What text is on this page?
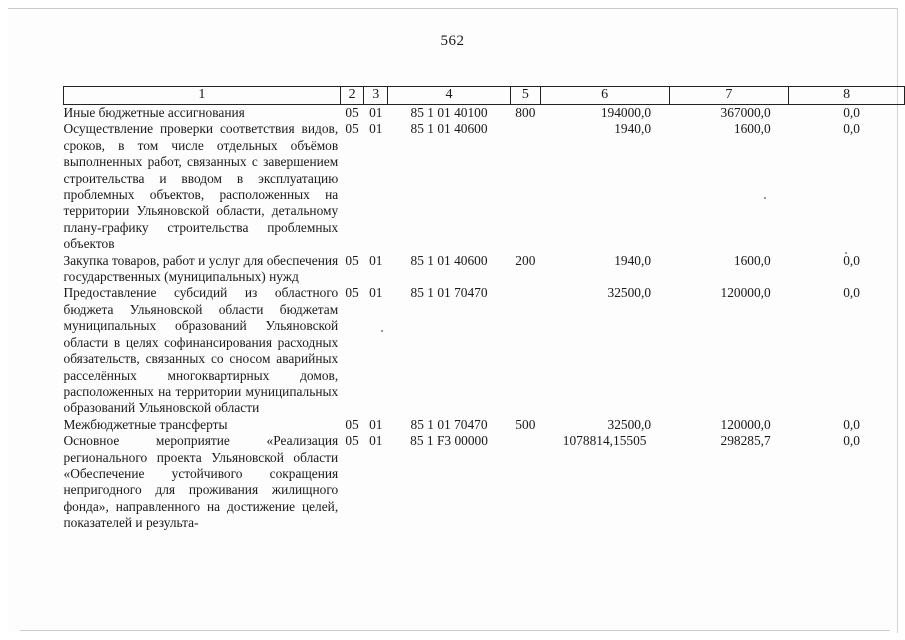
562
1	2	3	4	5	6	7	8
Иные бюджетные ассигнования	05	01	85 1 01 40100	800	194000,0	367000,0	0,0
Осуществление проверки соответствия видов, сроков, в том числе отдельных объёмов выполненных работ, связанных с завершением строительства и вводом в эксплуатацию проблемных объектов, расположенных на территории Ульяновской области, детальному плану-графику строительства проблемных объектов	05	01	85 1 01 40600		1940,0	1600,0	0,0
Закупка товаров, работ и услуг для обеспечения государственных (муниципальных) нужд	05	01	85 1 01 40600	200	1940,0	1600,0	0,0
Предоставление субсидий из областного бюджета Ульяновской области бюджетам муниципальных образований Ульяновской области в целях софинансирования расходных обязательств, связанных со сносом аварийных расселённых многоквартирных домов, расположенных на территории муниципальных образований Ульяновской области	05	01	85 1 01 70470		32500,0	120000,0	0,0
Межбюджетные трансферты	05	01	85 1 01 70470	500	32500,0	120000,0	0,0
Основное мероприятие «Реализация регионального проекта Ульяновской области «Обеспечение устойчивого сокращения непригодного для проживания жилищного фонда», направленного на достижение целей, показателей и результа-	05	01	85 1 F3 00000		1078814,15505	298285,7	0,0
